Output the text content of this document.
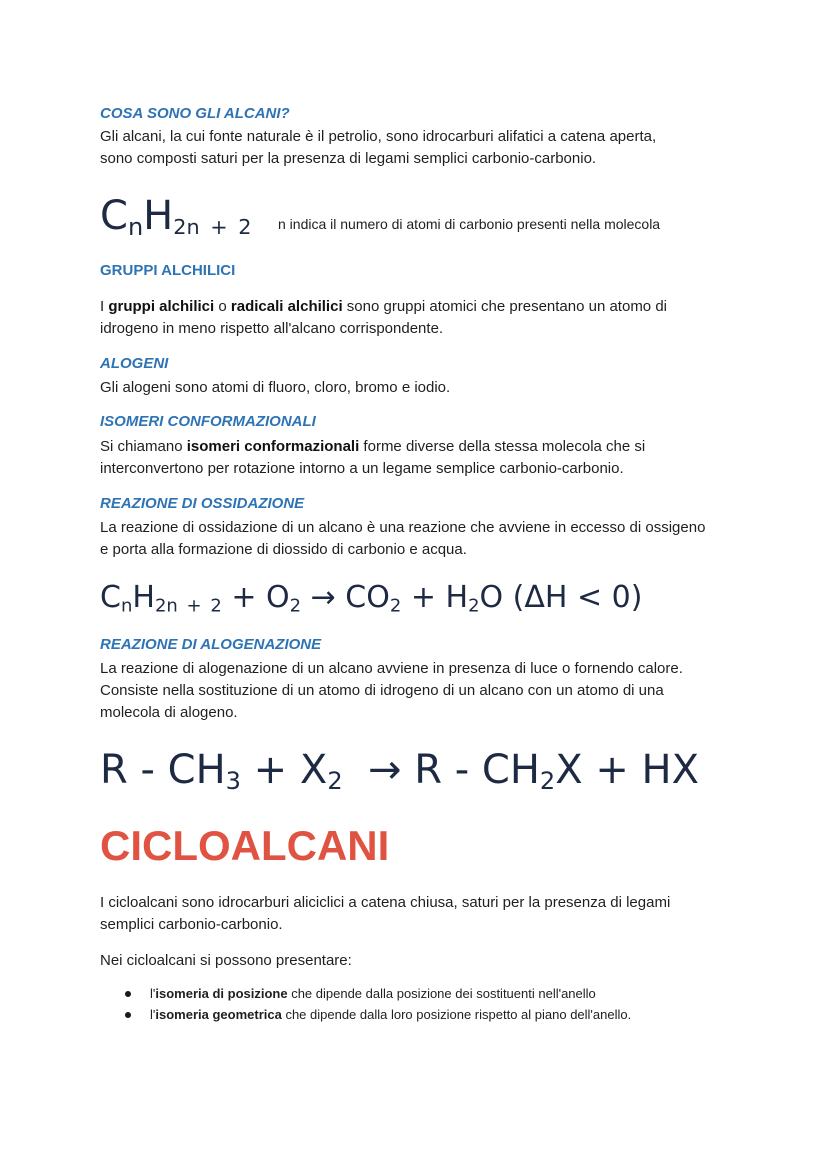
COSA SONO GLI ALCANI?
Gli alcani, la cui fonte naturale è il petrolio, sono idrocarburi alifatici a catena aperta,
sono composti saturi per la presenza di legami semplici carbonio-carbonio.
$C_nH_{2n + 2}$ n indica il numero di atomi di carbonio presenti nella molecola
GRUPPI ALCHILICI
I gruppi alchilici o radicali alchilici sono gruppi atomici che presentano un atomo di
idrogeno in meno rispetto all'alcano corrispondente.
ALOGENI
Gli alogeni sono atomi di fluoro, cloro, bromo e iodio.
ISOMERI CONFORMAZIONALI
Si chiamano isomeri conformazionali forme diverse della stessa molecola che si
interconvertono per rotazione intorno a un legame semplice carbonio-carbonio.
REAZIONE DI OSSIDAZIONE
La reazione di ossidazione di un alcano è una reazione che avviene in eccesso di ossigeno
e porta alla formazione di diossido di carbonio e acqua.
$C_nH_{2n + 2} + O_2 \to CO_2 + H_2O$ (ΔH < 0)
REAZIONE DI ALOGENAZIONE
La reazione di alogenazione di un alcano avviene in presenza di luce o fornendo calore.
Consiste nella sostituzione di un atomo di idrogeno di un alcano con un atomo di una
molecola di alogeno.
$R - CH_3 + X_2 \to R - CH_2X$ + HX
CICLOALCANI
I cicloalcani sono idrocarburi aliciclici a catena chiusa, saturi per la presenza di legami
semplici carbonio-carbonio.
Nei cicloalcani si possono presentare:
l'isomeria di posizione che dipende dalla posizione dei sostituenti nell'anello
l'isomeria geometrica che dipende dalla loro posizione rispetto al piano dell'anello.
